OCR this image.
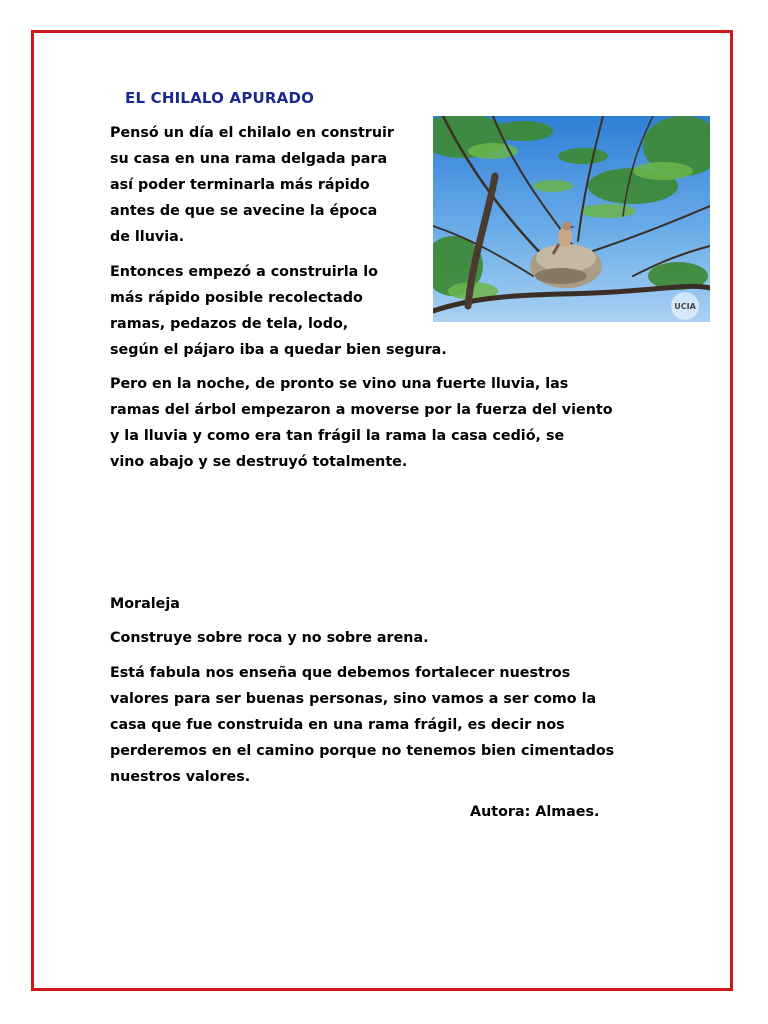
EL CHILALO APURADO
UCIA
Pensó un día el chilalo en construir
su casa en una rama delgada para
así poder terminarla más rápido
antes de que se avecine la época
de lluvia.
Entonces empezó a construirla lo
más rápido posible recolectado
ramas, pedazos de tela, lodo,
según el pájaro iba a quedar bien segura.
Pero en la noche, de pronto se vino una fuerte lluvia, las
ramas del árbol empezaron a moverse por la fuerza del viento
y la lluvia y como era tan frágil la rama la casa cedió, se
vino abajo y se destruyó totalmente.
Moraleja
Construye sobre roca y no sobre arena.
Está fabula nos enseña que debemos fortalecer nuestros
valores para ser buenas personas, sino vamos a ser como la
casa que fue construida en una rama frágil, es decir nos
perderemos en el camino porque no tenemos bien cimentados
nuestros valores.
Autora: Almaes.
